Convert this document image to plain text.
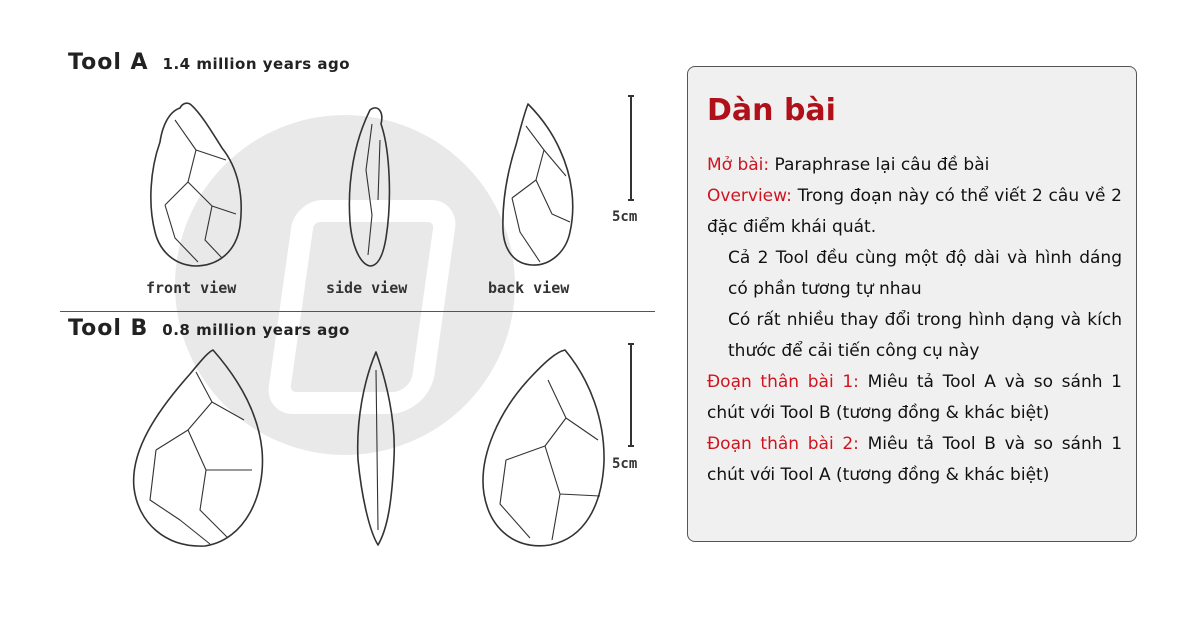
Tool A 1.4 million years ago
front view	side view	back view
5cm
Tool B 0.8 million years ago
5cm
Dàn bài

Mở bài: Paraphrase lại câu đề bài

Overview: Trong đoạn này có thể viết 2 câu về 2 đặc điểm khái quát.

Cả 2 Tool đều cùng một độ dài và hình dáng có phần tương tự nhau

Có rất nhiều thay đổi trong hình dạng và kích thước để cải tiến công cụ này

Đoạn thân bài 1: Miêu tả Tool A và so sánh 1 chút với Tool B (tương đồng & khác biệt)

Đoạn thân bài 2: Miêu tả Tool B và so sánh 1 chút với Tool A (tương đồng & khác biệt)
